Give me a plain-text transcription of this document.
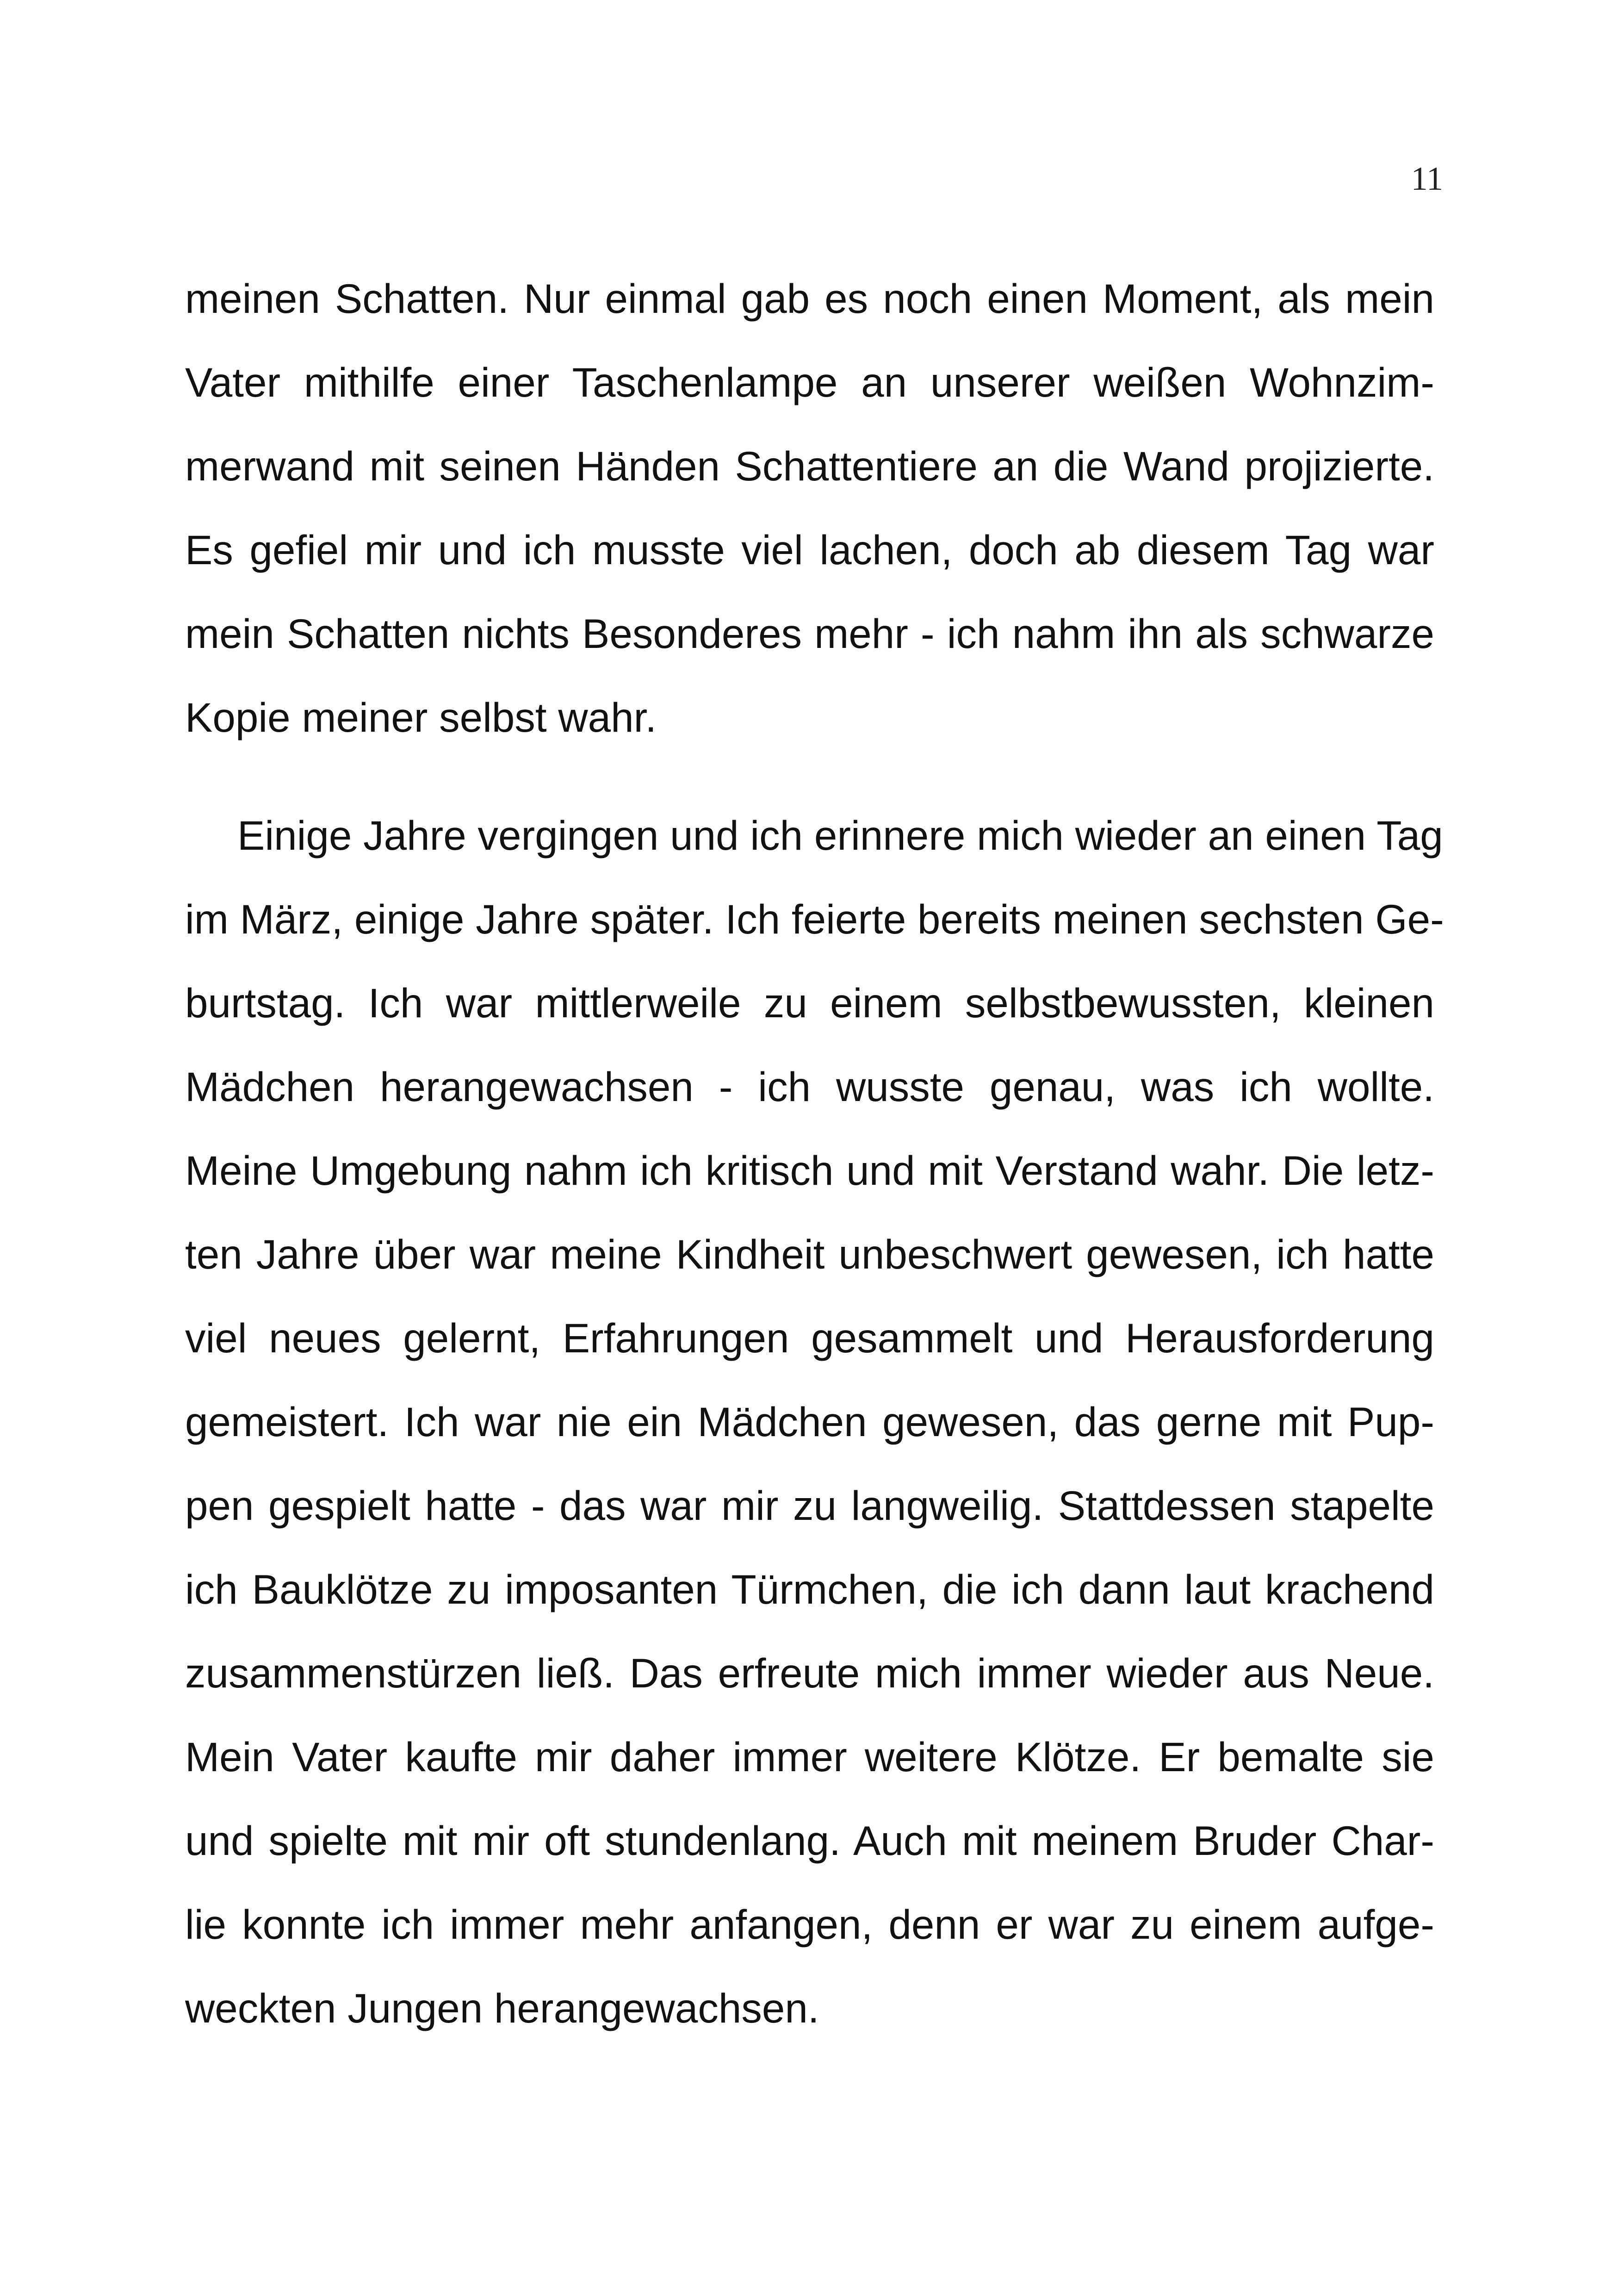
11

meinen Schatten. Nur einmal gab es noch einen Moment, als mein
Vater mithilfe einer Taschenlampe an unserer weißen Wohnzim-
merwand mit seinen Händen Schattentiere an die Wand projizierte.
Es gefiel mir und ich musste viel lachen, doch ab diesem Tag war
mein Schatten nichts Besonderes mehr - ich nahm ihn als schwarze
Kopie meiner selbst wahr.

Einige Jahre vergingen und ich erinnere mich wieder an einen Tag
im März, einige Jahre später. Ich feierte bereits meinen sechsten Ge-
burtstag. Ich war mittlerweile zu einem selbstbewussten, kleinen
Mädchen herangewachsen - ich wusste genau, was ich wollte.
Meine Umgebung nahm ich kritisch und mit Verstand wahr. Die letz-
ten Jahre über war meine Kindheit unbeschwert gewesen, ich hatte
viel neues gelernt, Erfahrungen gesammelt und Herausforderung
gemeistert. Ich war nie ein Mädchen gewesen, das gerne mit Pup-
pen gespielt hatte - das war mir zu langweilig. Stattdessen stapelte
ich Bauklötze zu imposanten Türmchen, die ich dann laut krachend
zusammenstürzen ließ. Das erfreute mich immer wieder aus Neue.
Mein Vater kaufte mir daher immer weitere Klötze. Er bemalte sie
und spielte mit mir oft stundenlang. Auch mit meinem Bruder Char-
lie konnte ich immer mehr anfangen, denn er war zu einem aufge-
weckten Jungen herangewachsen.
